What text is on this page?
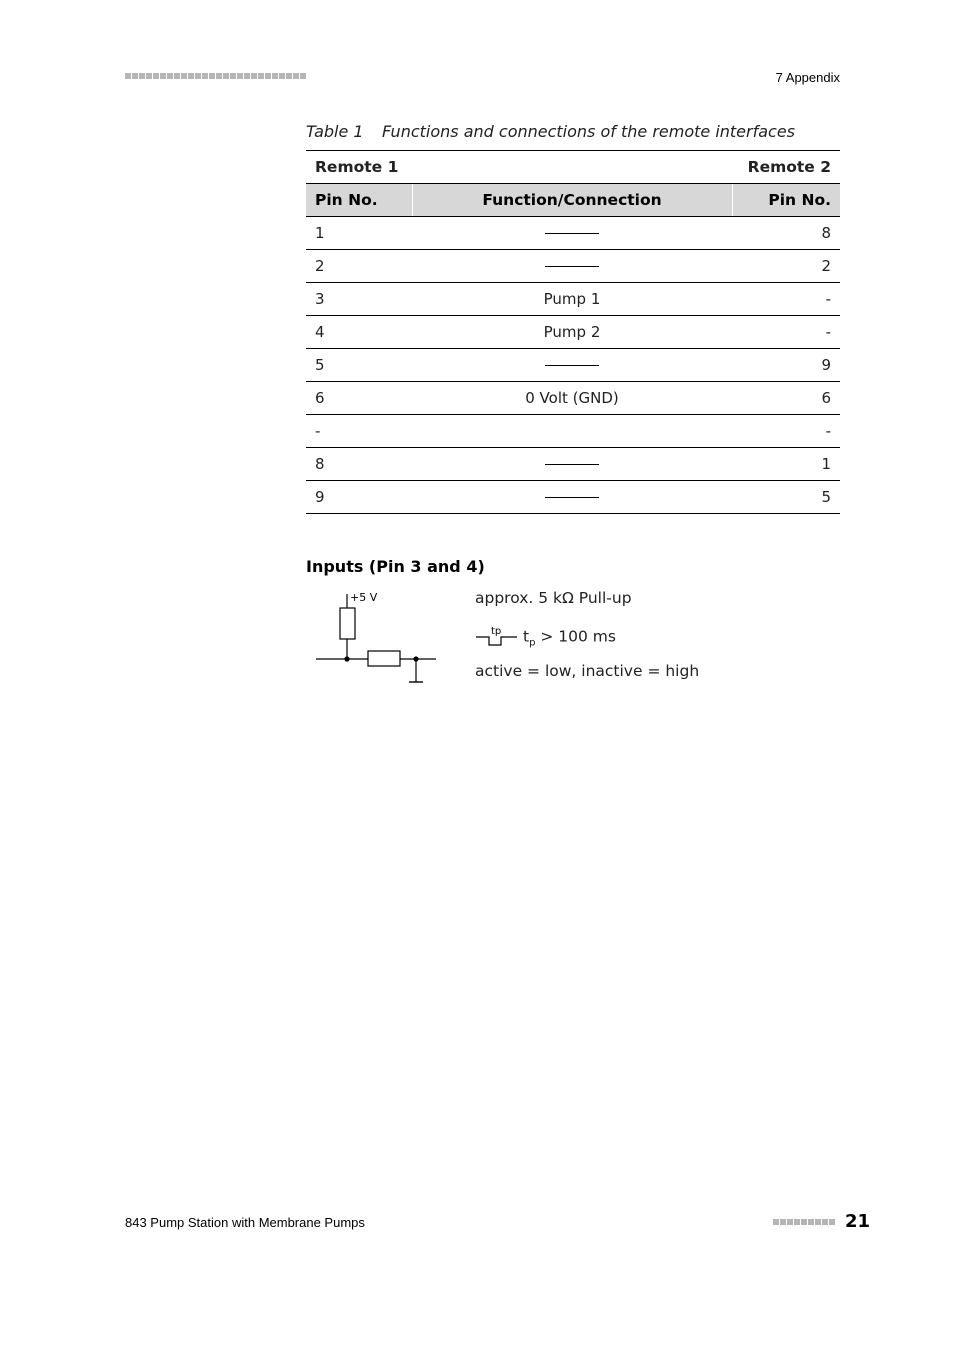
7 Appendix
Table 1 Functions and connections of the remote interfaces
Remote 1		Remote 2
Pin No.	Function/Connection	Pin No.
1		8
2		2
3	Pump 1	-
4	Pump 2	-
5		9
6	0 Volt (GND)	6
-		-
8		1
9		5
Inputs (Pin 3 and 4)
+5 V	approx. 5 kΩ Pull-up
tp $t_p > 100$ ms
active = low, inactive = high
843 Pump Station with Membrane Pumps	21
